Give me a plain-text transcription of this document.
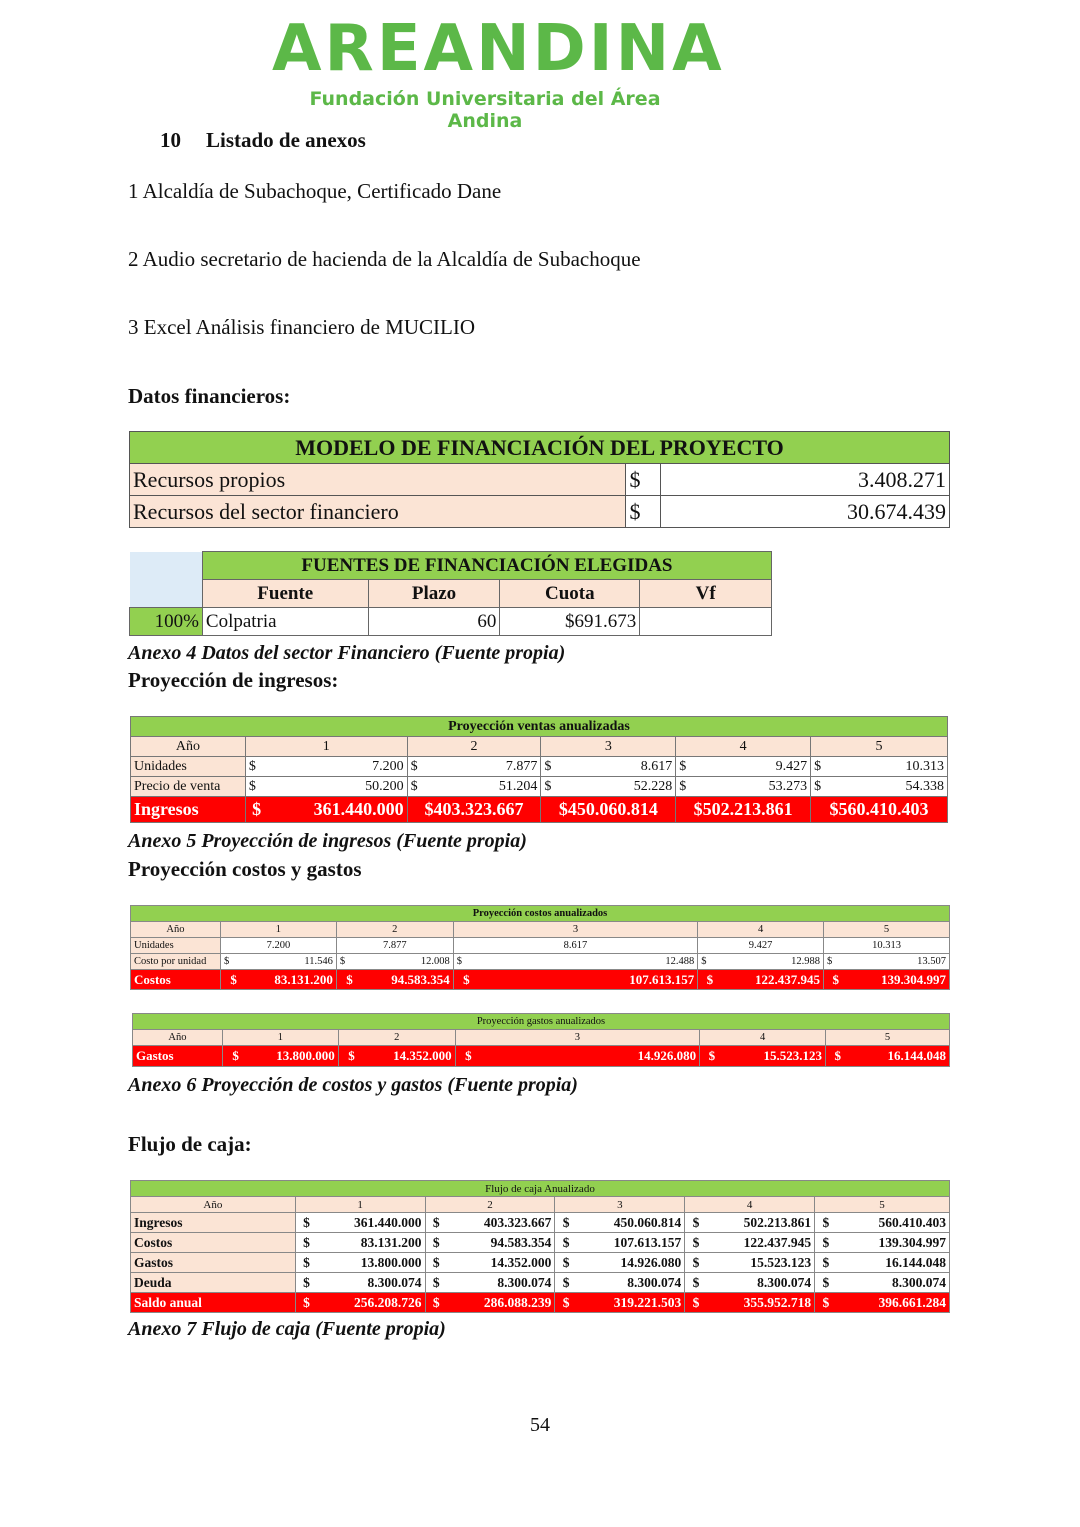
AREANDINA
Fundación Universitaria del Área Andina
10 Listado de anexos
1 Alcaldía de Subachoque, Certificado Dane
2 Audio secretario de hacienda de la Alcaldía de Subachoque
3 Excel Análisis financiero de MUCILIO
Datos financieros:
MODELO DE FINANCIACIÓN DEL PROYECTO		
Recursos propios	$	3.408.271
Recursos del sector financiero	$	30.674.439
	FUENTES DE FINANCIACIÓN ELEGIDAS			
	Fuente	Plazo	Cuota	Vf
100%	Colpatria	60	$691.673	
Anexo 4 Datos del sector Financiero (Fuente propia)
Proyección de ingresos:
Proyección ventas anualizadas										
Año	1		2		3		4		5	
Unidades	$	7.200	$	7.877	$	8.617	$	9.427	$	10.313
Precio de venta	$	50.200	$	51.204	$	52.228	$	53.273	$	54.338
Ingresos	$	361.440.000	$403.323.667		$450.060.814		$502.213.861		$560.410.403	
Anexo 5 Proyección de ingresos (Fuente propia)
Proyección costos y gastos
Proyección costos anualizados										
Año	1		2		3		4		5	
Unidades	7.200		7.877		8.617		9.427		10.313	
Costo por unidad	$	11.546	$	12.008	$	12.488	$	12.988	$	13.507
Costos	$	83.131.200	$	94.583.354	$	107.613.157	$	122.437.945	$	139.304.997
Proyección gastos anualizados										
Año	1		2		3		4		5	
Gastos	$	13.800.000	$	14.352.000	$	14.926.080	$	15.523.123	$	16.144.048
Anexo 6 Proyección de costos y gastos (Fuente propia)
Flujo de caja:
Flujo de caja Anualizado										
Año	1		2		3		4		5	
Ingresos	$	361.440.000	$	403.323.667	$	450.060.814	$	502.213.861	$	560.410.403
Costos	$	83.131.200	$	94.583.354	$	107.613.157	$	122.437.945	$	139.304.997
Gastos	$	13.800.000	$	14.352.000	$	14.926.080	$	15.523.123	$	16.144.048
Deuda	$	8.300.074	$	8.300.074	$	8.300.074	$	8.300.074	$	8.300.074
Saldo anual	$	256.208.726	$	286.088.239	$	319.221.503	$	355.952.718	$	396.661.284
Anexo 7 Flujo de caja (Fuente propia)
54
